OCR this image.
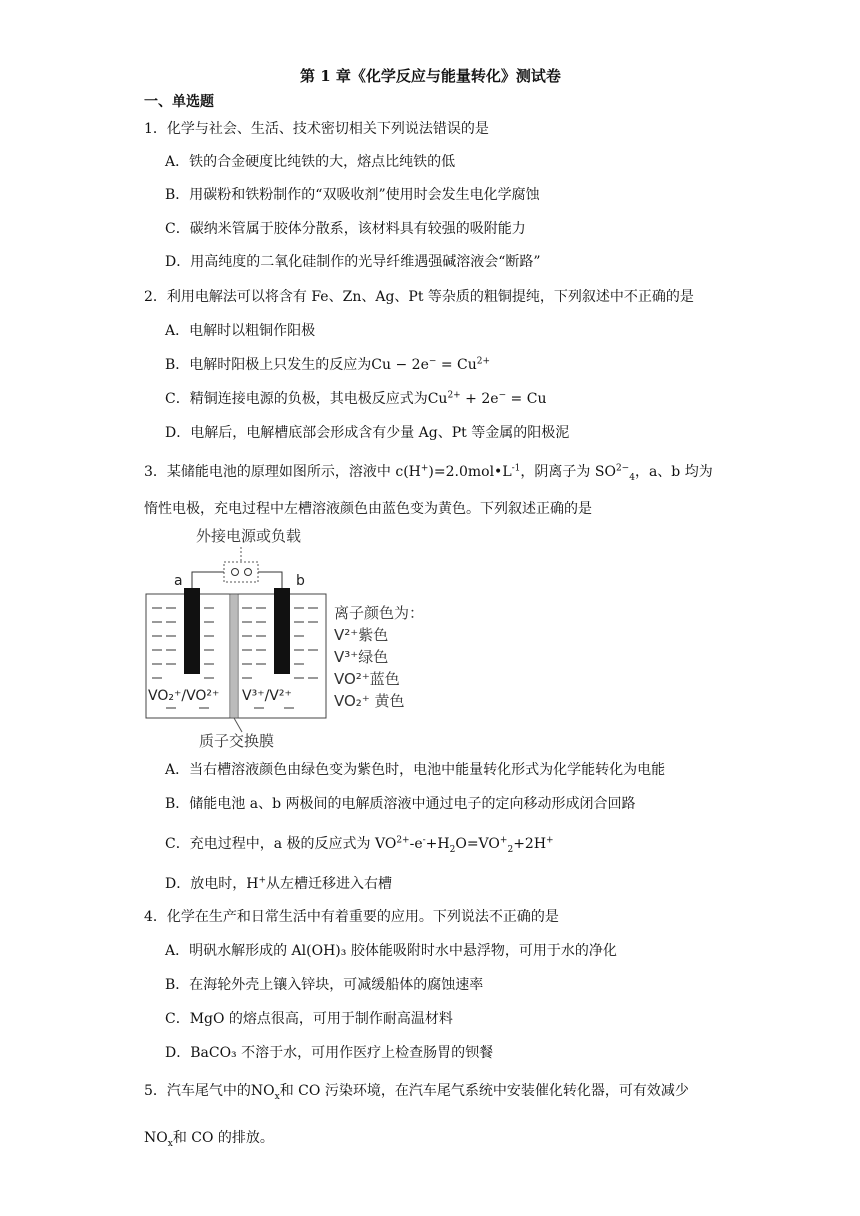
第 1 章《化学反应与能量转化》测试卷
一、单选题
1．化学与社会、生活、技术密切相关下列说法错误的是
A．铁的合金硬度比纯铁的大，熔点比纯铁的低
B．用碳粉和铁粉制作的“双吸收剂”使用时会发生电化学腐蚀
C．碳纳米管属于胶体分散系，该材料具有较强的吸附能力
D．用高纯度的二氧化硅制作的光导纤维遇强碱溶液会“断路”
2．利用电解法可以将含有 Fe、Zn、Ag、Pt 等杂质的粗铜提纯，下列叙述中不正确的是
A．电解时以粗铜作阳极
B．电解时阳极上只发生的反应为$Cu - 2e^- = Cu^{2+}$
C．精铜连接电源的负极，其电极反应式为$Cu^{2+} + 2e^- = Cu$
D．电解后，电解槽底部会形成含有少量 Ag、Pt 等金属的阳极泥
3．某储能电池的原理如图所示，溶液中 $c(H^+)=2.0mol•L^{-1}$，阴离子为 $SO^{2-}_4$，a、b 均为
惰性电极，充电过程中左槽溶液颜色由蓝色变为黄色。下列叙述正确的是
外接电源或负载
a	b
VO₂⁺/VO²⁺ V³⁺/V²⁺
质子交换膜
离子颜色为：
V²⁺紫色
V³⁺绿色
VO²⁺蓝色
VO₂⁺ 黄色
A．当右槽溶液颜色由绿色变为紫色时，电池中能量转化形式为化学能转化为电能
B．储能电池 a、b 两极间的电解质溶液中通过电子的定向移动形成闭合回路
C．充电过程中，a 极的反应式为 $VO^{2+}-e^-+H_2O=VO^+_2+2H^+$
D．放电时，H+从左槽迁移进入右槽
4．化学在生产和日常生活中有着重要的应用。下列说法不正确的是
A．明矾水解形成的 Al(OH)₃ 胶体能吸附时水中悬浮物，可用于水的净化
B．在海轮外壳上镶入锌块，可减缓船体的腐蚀速率
C．MgO 的熔点很高，可用于制作耐高温材料
D．BaCO₃ 不溶于水，可用作医疗上检查肠胃的钡餐
5．汽车尾气中的$NO_x$和 CO 污染环境，在汽车尾气系统中安装催化转化器，可有效减少
$NO_x$和 CO 的排放。
